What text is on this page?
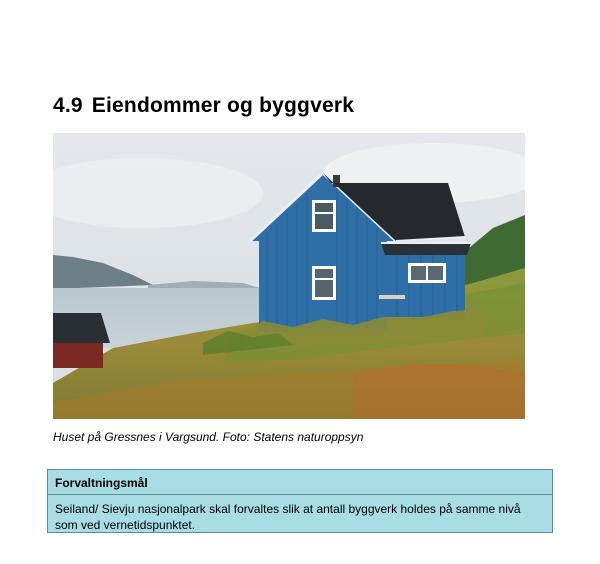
4.9 Eiendommer og byggverk
Huset på Gressnes i Vargsund. Foto: Statens naturoppsyn
Forvaltningsmål
Seiland/ Sievju nasjonalpark skal forvaltes slik at antall byggverk holdes på samme nivå som ved vernetidspunktet.
